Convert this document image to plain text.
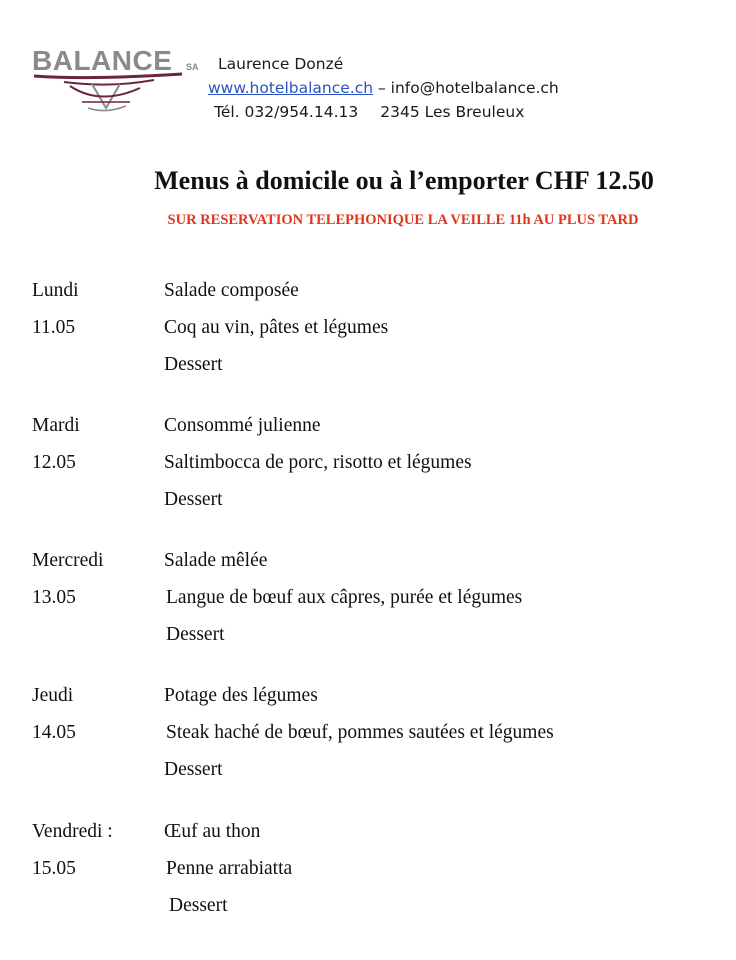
BALANCE SA	Laurence Donzé
www.hotelbalance.ch – info@hotelbalance.ch
Tél. 032/954.14.13 2345 Les Breuleux
Menus à domicile ou à l’emporter CHF 12.50
SUR RESERVATION TELEPHONIQUE LA VEILLE 11h AU PLUS TARD
Lundi
11.05
Salade composée
Coq au vin, pâtes et légumes
Dessert
Mardi
12.05
Consommé julienne
Saltimbocca de porc, risotto et légumes
Dessert
Mercredi
13.05
Salade mêlée
Langue de bœuf aux câpres, purée et légumes
Dessert
Jeudi
14.05
Potage des légumes
Steak haché de bœuf, pommes sautées et légumes
Dessert
Vendredi :
15.05
Œuf au thon
Penne arrabiatta
Dessert
